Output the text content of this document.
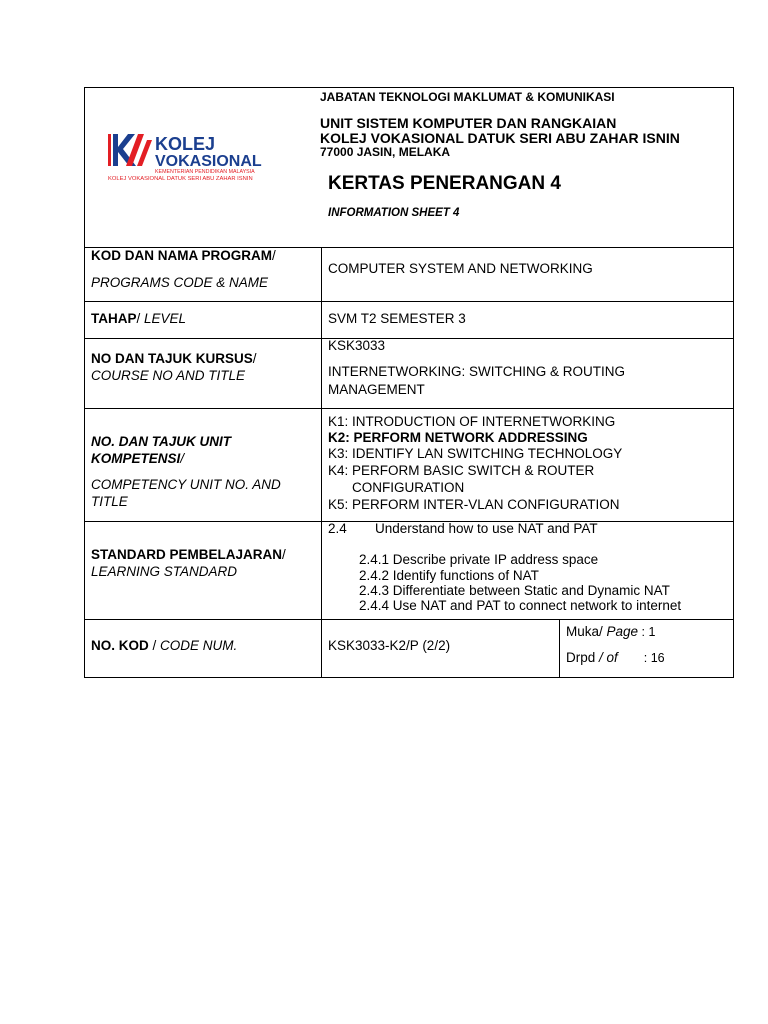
KOLEJ
VOKASIONAL
KEMENTERIAN PENDIDIKAN MALAYSIA
KOLEJ VOKASIONAL DATUK SERI ABU ZAHAR ISNIN
JABATAN TEKNOLOGI MAKLUMAT & KOMUNIKASI
UNIT SISTEM KOMPUTER DAN RANGKAIAN
KOLEJ VOKASIONAL DATUK SERI ABU ZAHAR ISNIN
77000 JASIN, MELAKA
KERTAS PENERANGAN 4
INFORMATION SHEET 4
KOD DAN NAMA PROGRAM/
PROGRAMS CODE & NAME
COMPUTER SYSTEM AND NETWORKING
TAHAP/ LEVEL	SVM T2 SEMESTER 3
NO DAN TAJUK KURSUS/
COURSE NO AND TITLE
KSK3033
INTERNETWORKING: SWITCHING & ROUTING
MANAGEMENT
NO. DAN TAJUK UNIT
KOMPETENSI/
COMPETENCY UNIT NO. AND
TITLE
K1: INTRODUCTION OF INTERNETWORKING
K2: PERFORM NETWORK ADDRESSING
K3: IDENTIFY LAN SWITCHING TECHNOLOGY
K4: PERFORM BASIC SWITCH & ROUTER
CONFIGURATION
K5: PERFORM INTER-VLAN CONFIGURATION
STANDARD PEMBELAJARAN/
LEARNING STANDARD
2.4 Understand how to use NAT and PAT
2.4.1 Describe private IP address space
2.4.2 Identify functions of NAT
2.4.3 Differentiate between Static and Dynamic NAT
2.4.4 Use NAT and PAT to connect network to internet
NO. KOD / CODE NUM.	KSK3033-K2/P (2/2)
Muka/ Page : 1
Drpd / of : 16
